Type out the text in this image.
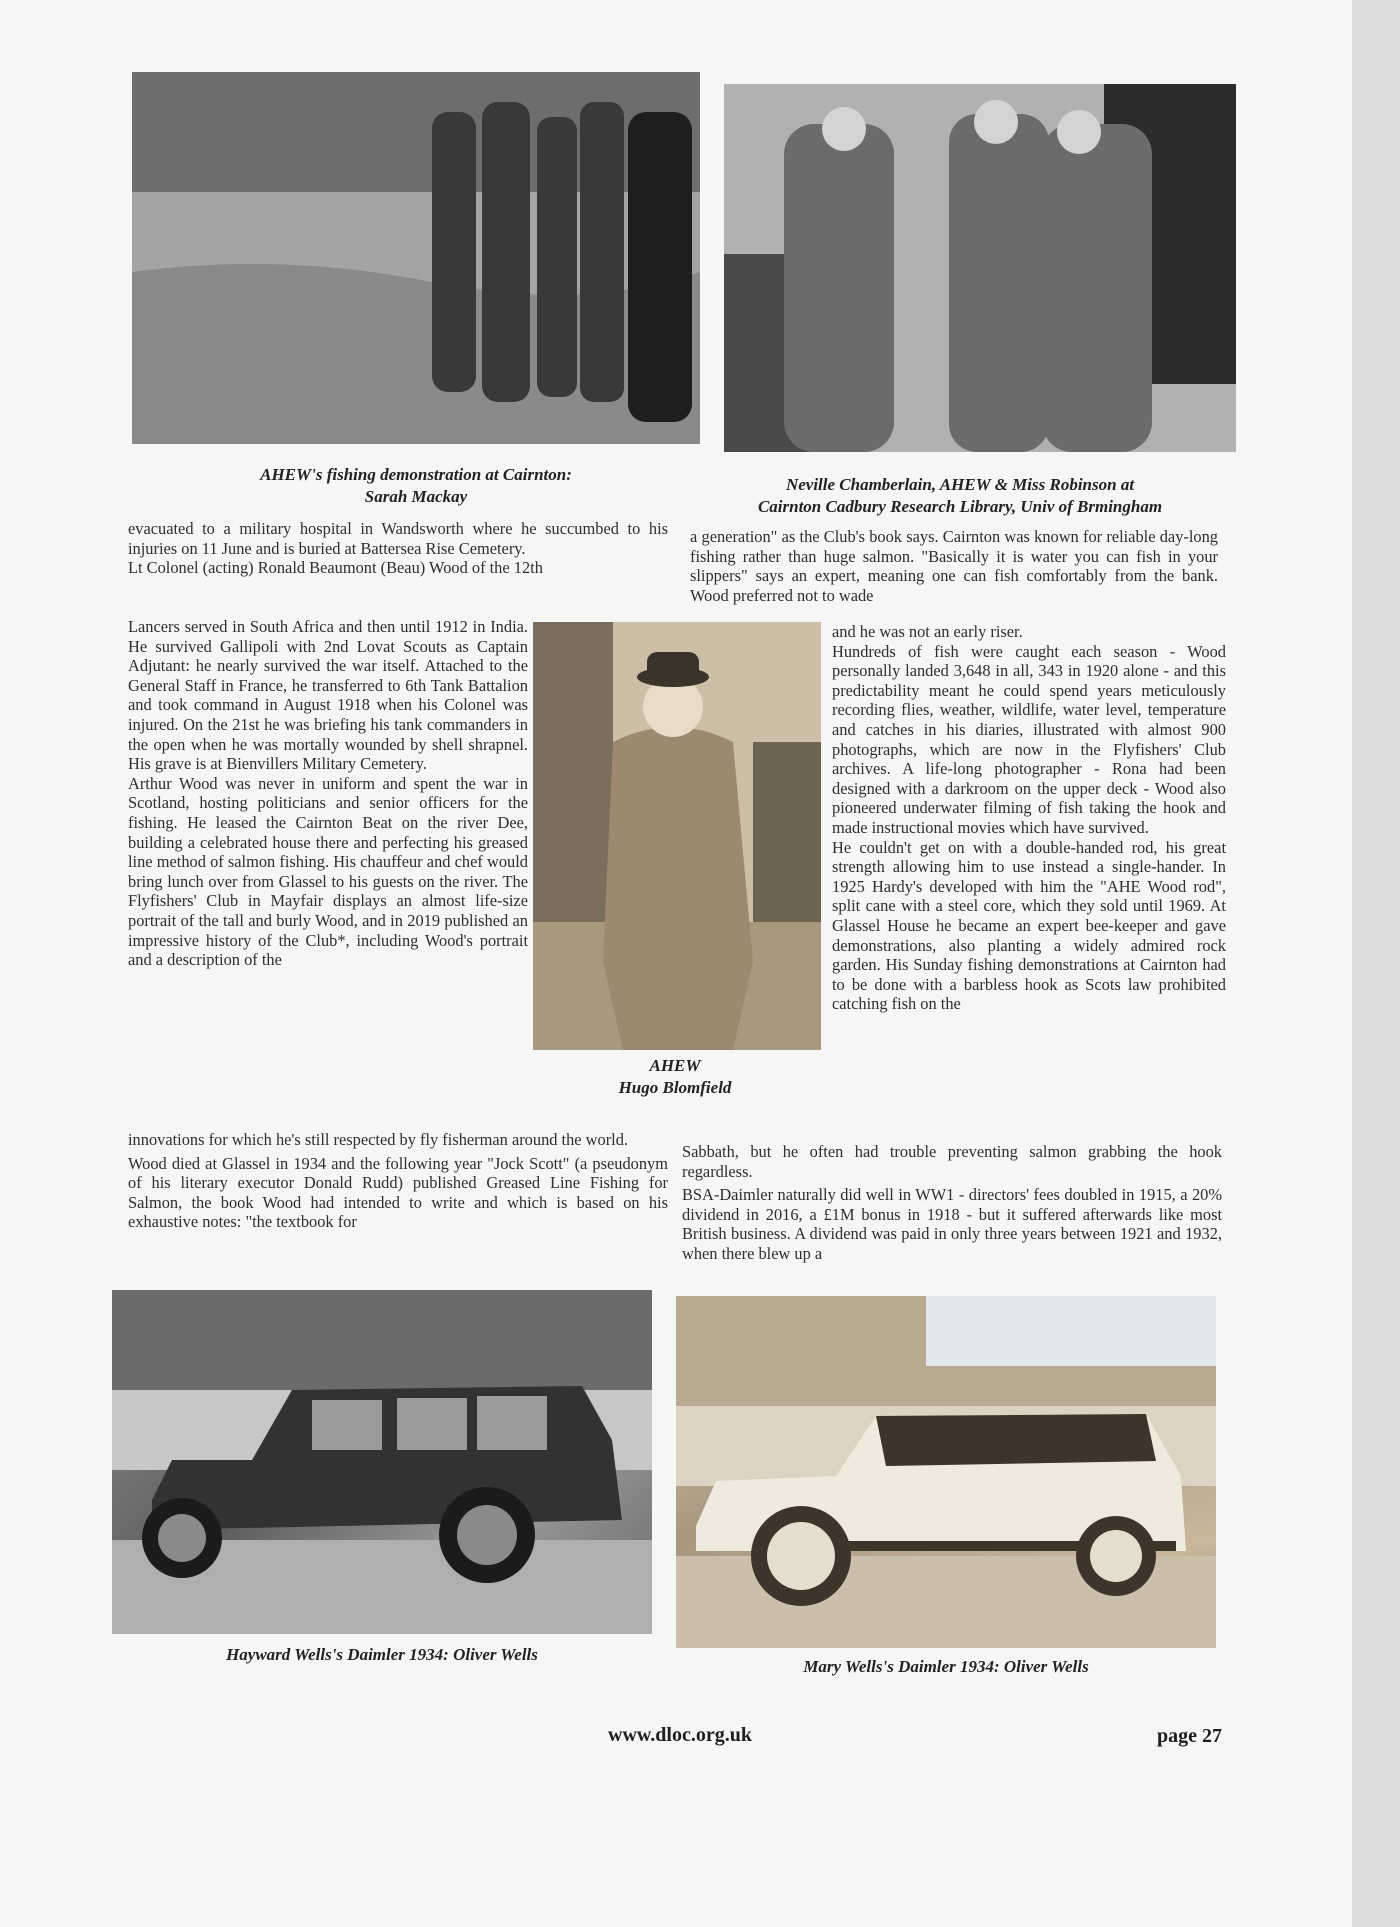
AHEW's fishing demonstration at Cairnton:
Sarah Mackay
Neville Chamberlain, AHEW & Miss Robinson at
Cairnton Cadbury Research Library, Univ of Brmingham

evacuated to a military hospital in Wandsworth where he succumbed to his injuries on 11 June and is buried at Battersea Rise Cemetery.

Lt Colonel (acting) Ronald Beaumont (Beau) Wood of the 12th

Lancers served in South Africa and then until 1912 in India. He survived Gallipoli with 2nd Lovat Scouts as Captain Adjutant: he nearly survived the war itself. Attached to the General Staff in France, he transferred to 6th Tank Battalion and took command in August 1918 when his Colonel was injured. On the 21st he was briefing his tank commanders in the open when he was mortally wounded by shell shrapnel. His grave is at Bienvillers Military Cemetery.

Arthur Wood was never in uniform and spent the war in Scotland, hosting politicians and senior officers for the fishing. He leased the Cairnton Beat on the river Dee, building a celebrated house there and perfecting his greased line method of salmon fishing. His chauffeur and chef would bring lunch over from Glassel to his guests on the river. The Flyfishers' Club in Mayfair displays an almost life-size portrait of the tall and burly Wood, and in 2019 published an impressive history of the Club*, including Wood's portrait and a description of the

innovations for which he's still respected by fly fisherman around the world.

Wood died at Glassel in 1934 and the following year "Jock Scott" (a pseudonym of his literary executor Donald Rudd) published Greased Line Fishing for Salmon, the book Wood had intended to write and which is based on his exhaustive notes: "the textbook for

AHEW
Hugo Blomfield

a generation" as the Club's book says. Cairnton was known for reliable day-long fishing rather than huge salmon. "Basically it is water you can fish in your slippers" says an expert, meaning one can fish comfortably from the bank. Wood preferred not to wade

and he was not an early riser.

Hundreds of fish were caught each season - Wood personally landed 3,648 in all, 343 in 1920 alone - and this predictability meant he could spend years meticulously recording flies, weather, wildlife, water level, temperature and catches in his diaries, illustrated with almost 900 photographs, which are now in the Flyfishers' Club archives. A life-long photographer - Rona had been designed with a darkroom on the upper deck - Wood also pioneered underwater filming of fish taking the hook and made instructional movies which have survived.

He couldn't get on with a double-handed rod, his great strength allowing him to use instead a single-hander. In 1925 Hardy's developed with him the "AHE Wood rod", split cane with a steel core, which they sold until 1969. At Glassel House he became an expert bee-keeper and gave demonstrations, also planting a widely admired rock garden. His Sunday fishing demonstrations at Cairnton had to be done with a barbless hook as Scots law prohibited catching fish on the

Sabbath, but he often had trouble preventing salmon grabbing the hook regardless.

BSA-Daimler naturally did well in WW1 - directors' fees doubled in 1915, a 20% dividend in 2016, a £1M bonus in 1918 - but it suffered afterwards like most British business. A dividend was paid in only three years between 1921 and 1932, when there blew up a

Hayward Wells's Daimler 1934: Oliver Wells
Mary Wells's Daimler 1934: Oliver Wells
www.dloc.org.uk	page 27
